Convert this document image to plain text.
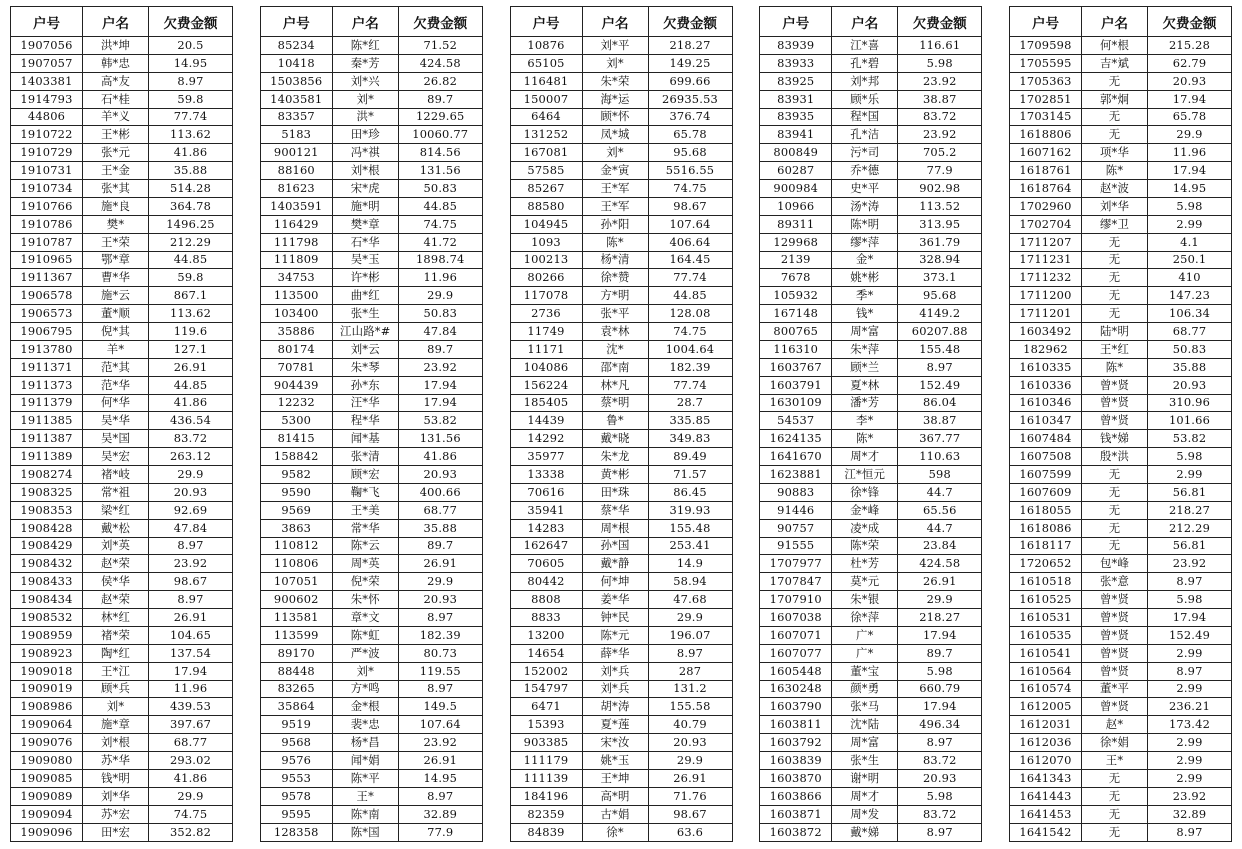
户号	户名	欠费金额
1907056	洪*坤	20.5
1907057	韩*忠	14.95
1403381	高*友	8.97
1914793	石*桂	59.8
44806	羊*义	77.74
1910722	王*彬	113.62
1910729	张*元	41.86
1910731	王*金	35.88
1910734	张*其	514.28
1910766	施*良	364.78
1910786	樊*	1496.25
1910787	王*荣	212.29
1910965	鄂*章	44.85
1911367	曹*华	59.8
1906578	施*云	867.1
1906573	董*顺	113.62
1906795	倪*其	119.6
1913780	羊*	127.1
1911371	范*其	26.91
1911373	范*华	44.85
1911379	何*华	41.86
1911385	吴*华	436.54
1911387	吴*国	83.72
1911389	吴*宏	263.12
1908274	褚*岐	29.9
1908325	常*祖	20.93
1908353	梁*红	92.69
1908428	戴*松	47.84
1908429	刘*英	8.97
1908432	赵*荣	23.92
1908433	侯*华	98.67
1908434	赵*荣	8.97
1908532	林*红	26.91
1908959	褚*荣	104.65
1908923	陶*红	137.54
1909018	王*江	17.94
1909019	顾*兵	11.96
1908986	刘*	439.53
1909064	施*章	397.67
1909076	刘*根	68.77
1909080	苏*华	293.02
1909085	钱*明	41.86
1909089	刘*华	29.9
1909094	苏*宏	74.75
1909096	田*宏	352.82
户号	户名	欠费金额
85234	陈*红	71.52
10418	秦*芳	424.58
1503856	刘*兴	26.82
1403581	刘*	89.7
83357	洪*	1229.65
5183	田*珍	10060.77
900121	冯*祺	814.56
88160	刘*根	131.56
81623	宋*虎	50.83
1403591	施*明	44.85
116429	樊*章	74.75
111798	石*华	41.72
111809	吴*玉	1898.74
34753	许*彬	11.96
113500	曲*红	29.9
103400	张*生	50.83
35886	江山路*#	47.84
80174	刘*云	89.7
70781	朱*琴	23.92
904439	孙*东	17.94
12232	汪*华	17.94
5300	程*华	53.82
81415	闻*基	131.56
158842	张*清	41.86
9582	顾*宏	20.93
9590	鞠*飞	400.66
9569	王*美	68.77
3863	常*华	35.88
110812	陈*云	89.7
110806	周*英	26.91
107051	倪*荣	29.9
900602	朱*怀	20.93
113581	章*文	8.97
113599	陈*虹	182.39
89170	严*波	80.73
88448	刘*	119.55
83265	方*鸣	8.97
35864	金*根	149.5
9519	裴*忠	107.64
9568	杨*昌	23.92
9576	闻*娟	26.91
9553	陈*平	14.95
9578	王*	8.97
9595	陈*南	32.89
128358	陈*国	77.9
户号	户名	欠费金额
10876	刘*平	218.27
65105	刘*	149.25
116481	朱*荣	699.66
150007	海*运	26935.53
6464	顾*怀	376.74
131252	凤*城	65.78
167081	刘*	95.68
57585	金*寅	5516.55
85267	王*军	74.75
88580	王*军	98.67
104945	孙*阳	107.64
1093	陈*	406.64
100213	杨*清	164.45
80266	徐*赞	77.74
117078	方*明	44.85
2736	张*平	128.08
11749	袁*林	74.75
11171	沈*	1004.64
104086	邵*南	182.39
156224	林*凡	77.74
185405	蔡*明	28.7
14439	鲁*	335.85
14292	戴*晓	349.83
35977	朱*龙	89.49
13338	黄*彬	71.57
70616	田*珠	86.45
35941	蔡*华	319.93
14283	周*根	155.48
162647	孙*国	253.41
70605	戴*静	14.9
80442	何*坤	58.94
8808	姜*华	47.68
8833	钟*民	29.9
13200	陈*元	196.07
14654	薛*华	8.97
152002	刘*兵	287
154797	刘*兵	131.2
6471	胡*涛	155.58
15393	夏*莲	40.79
903385	宋*汝	20.93
111179	姚*玉	29.9
111139	王*坤	26.91
184196	高*明	71.76
82359	古*娟	98.67
84839	徐*	63.6
户号	户名	欠费金额
83939	江*喜	116.61
83933	孔*碧	5.98
83925	刘*邦	23.92
83931	顾*乐	38.87
83935	程*国	83.72
83941	孔*洁	23.92
800849	污*司	705.2
60287	乔*德	77.9
900984	史*平	902.98
10966	汤*涛	113.52
89311	陈*明	313.95
129968	缪*萍	361.79
2139	金*	328.94
7678	姚*彬	373.1
105932	季*	95.68
167148	钱*	4149.2
800765	周*富	60207.88
116310	朱*萍	155.48
1603767	顾*兰	8.97
1603791	夏*林	152.49
1630109	潘*芳	86.04
54537	李*	38.87
1624135	陈*	367.77
1641670	周*才	110.63
1623881	江*恒元	598
90883	徐*锋	44.7
91446	金*峰	65.56
90757	凌*成	44.7
91555	陈*荣	23.84
1707977	杜*芳	424.58
1707847	莫*元	26.91
1707910	朱*银	29.9
1607038	徐*萍	218.27
1607071	广*	17.94
1607077	广*	89.7
1605448	董*宝	5.98
1630248	颜*勇	660.79
1603790	张*马	17.94
1603811	沈*陆	496.34
1603792	周*富	8.97
1603839	张*生	83.72
1603870	谢*明	20.93
1603866	周*才	5.98
1603871	周*发	83.72
1603872	戴*娣	8.97
户号	户名	欠费金额
1709598	何*根	215.28
1705595	吉*斌	62.79
1705363	无	20.93
1702851	郭*炯	17.94
1703145	无	65.78
1618806	无	29.9
1607162	项*华	11.96
1618761	陈*	17.94
1618764	赵*波	14.95
1702960	刘*华	5.98
1702704	缪*卫	2.99
1711207	无	4.1
1711231	无	250.1
1711232	无	410
1711200	无	147.23
1711201	无	106.34
1603492	陆*明	68.77
182962	王*红	50.83
1610335	陈*	35.88
1610336	曾*贤	20.93
1610346	曾*贤	310.96
1610347	曾*贤	101.66
1607484	钱*娣	53.82
1607508	殷*洪	5.98
1607599	无	2.99
1607609	无	56.81
1618055	无	218.27
1618086	无	212.29
1618117	无	56.81
1720652	包*峰	23.92
1610518	张*意	8.97
1610525	曾*贤	5.98
1610531	曾*贤	17.94
1610535	曾*贤	152.49
1610541	曾*贤	2.99
1610564	曾*贤	8.97
1610574	董*平	2.99
1612005	曾*贤	236.21
1612031	赵*	173.42
1612036	徐*娟	2.99
1612070	王*	2.99
1641343	无	2.99
1641443	无	23.92
1641453	无	32.89
1641542	无	8.97
